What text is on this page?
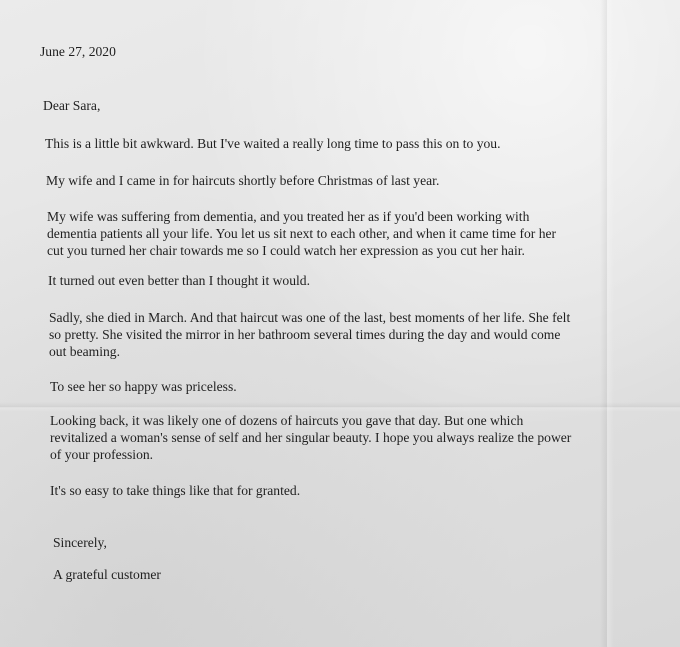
June 27, 2020

Dear Sara,

This is a little bit awkward. But I've waited a really long time to pass this on to you.

My wife and I came in for haircuts shortly before Christmas of last year.

My wife was suffering from dementia, and you treated her as if you'd been working with
dementia patients all your life. You let us sit next to each other, and when it came time for her
cut you turned her chair towards me so I could watch her expression as you cut her hair.

It turned out even better than I thought it would.

Sadly, she died in March. And that haircut was one of the last, best moments of her life. She felt
so pretty. She visited the mirror in her bathroom several times during the day and would come
out beaming.

To see her so happy was priceless.

Looking back, it was likely one of dozens of haircuts you gave that day. But one which
revitalized a woman's sense of self and her singular beauty. I hope you always realize the power
of your profession.

It's so easy to take things like that for granted.

Sincerely,

A grateful customer
